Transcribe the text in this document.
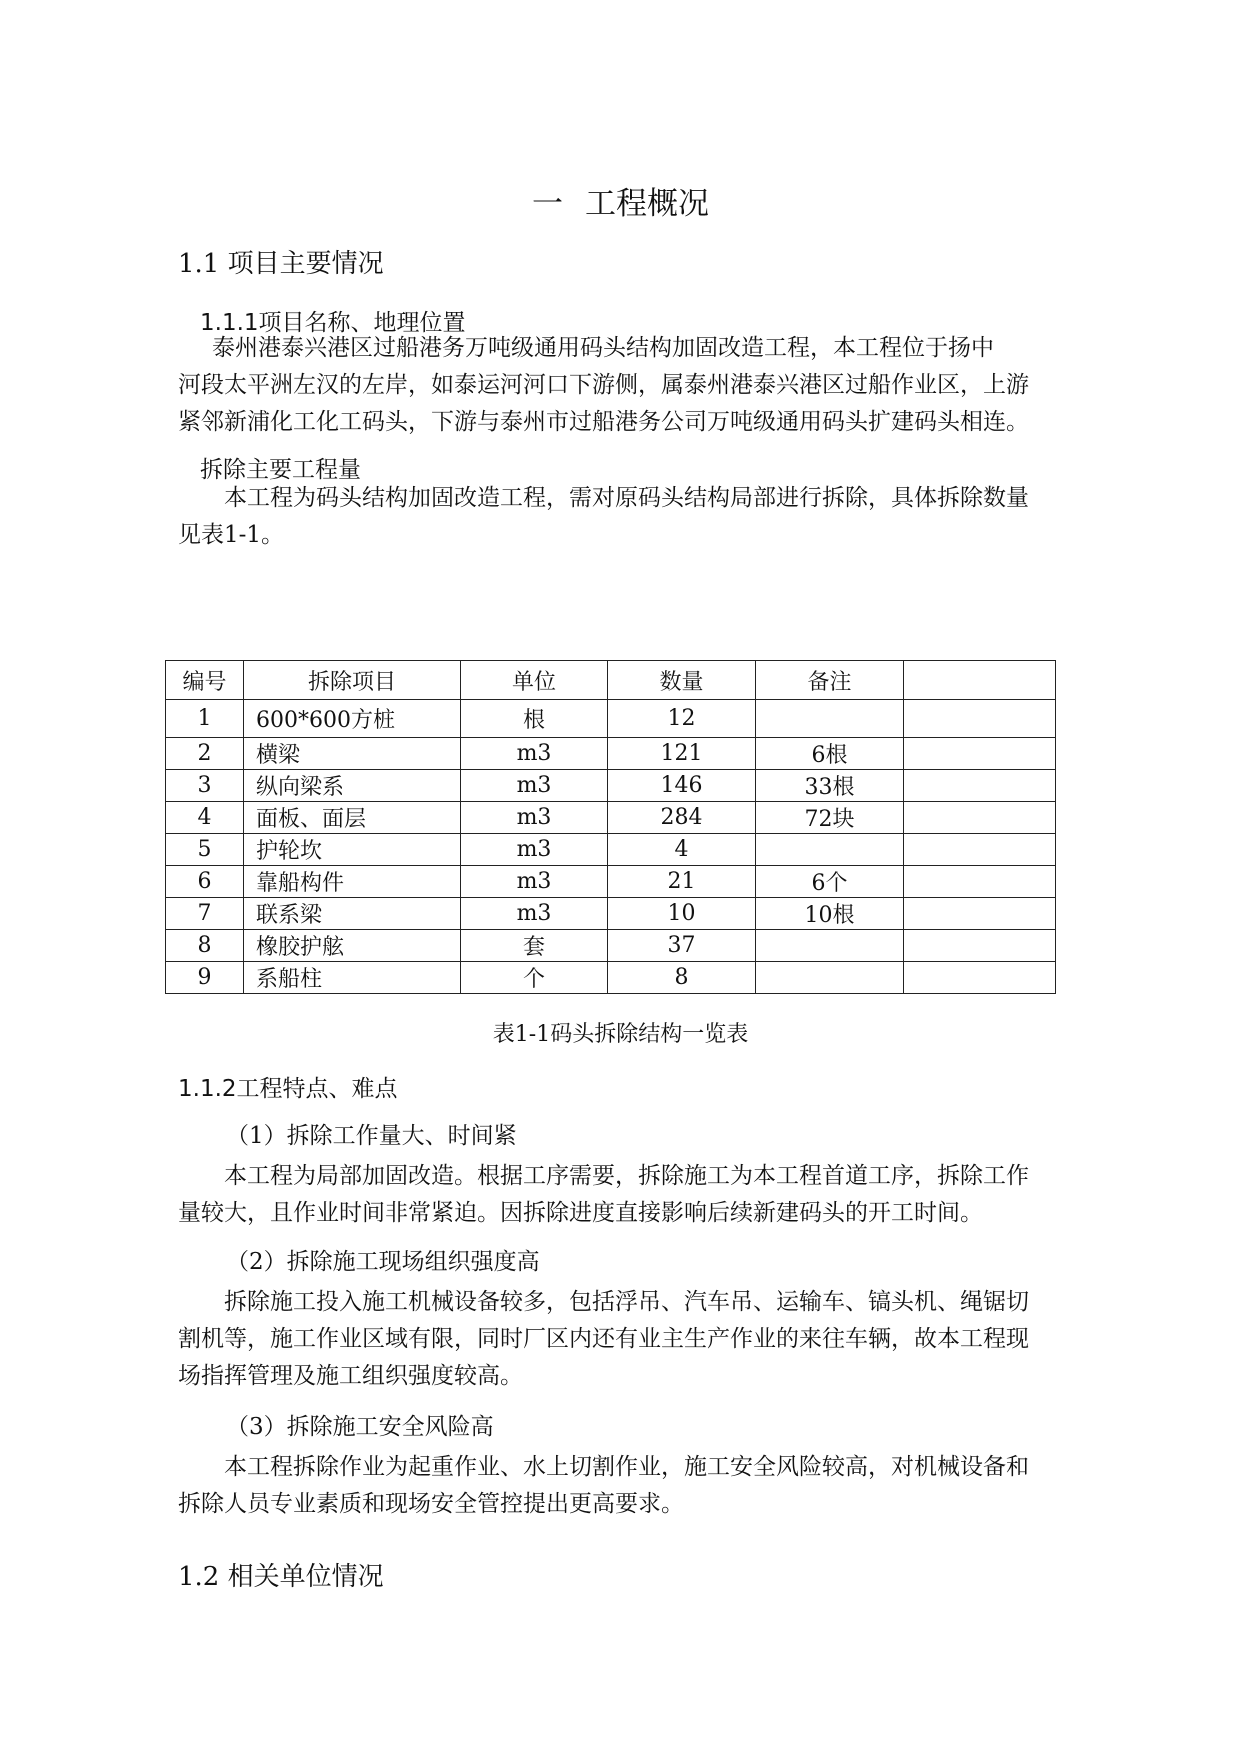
一 工程概况
1.1 项目主要情况
1.1.1项目名称、地理位置
泰州港泰兴港区过船港务万吨级通用码头结构加固改造工程，本工程位于扬中
河段太平洲左汉的左岸，如泰运河河口下游侧，属泰州港泰兴港区过船作业区，上游
紧邻新浦化工化工码头，下游与泰州市过船港务公司万吨级通用码头扩建码头相连。
拆除主要工程量
本工程为码头结构加固改造工程，需对原码头结构局部进行拆除，具体拆除数量
见表1-1。
编号	拆除项目	单位	数量	备注	
1	600*600方桩	根	12		
2	横梁	m3	121	6根	
3	纵向梁系	m3	146	33根	
4	面板、面层	m3	284	72块	
5	护轮坎	m3	4		
6	靠船构件	m3	21	6个	
7	联系梁	m3	10	10根	
8	橡胶护舷	套	37		
9	系船柱	个	8		
表1-1码头拆除结构一览表
1.1.2工程特点、难点
（1）拆除工作量大、时间紧
本工程为局部加固改造。根据工序需要，拆除施工为本工程首道工序，拆除工作
量较大，且作业时间非常紧迫。因拆除进度直接影响后续新建码头的开工时间。
（2）拆除施工现场组织强度高
拆除施工投入施工机械设备较多，包括浮吊、汽车吊、运输车、镐头机、绳锯切
割机等，施工作业区域有限，同时厂区内还有业主生产作业的来往车辆，故本工程现
场指挥管理及施工组织强度较高。
（3）拆除施工安全风险高
本工程拆除作业为起重作业、水上切割作业，施工安全风险较高，对机械设备和
拆除人员专业素质和现场安全管控提出更高要求。
1.2 相关单位情况
